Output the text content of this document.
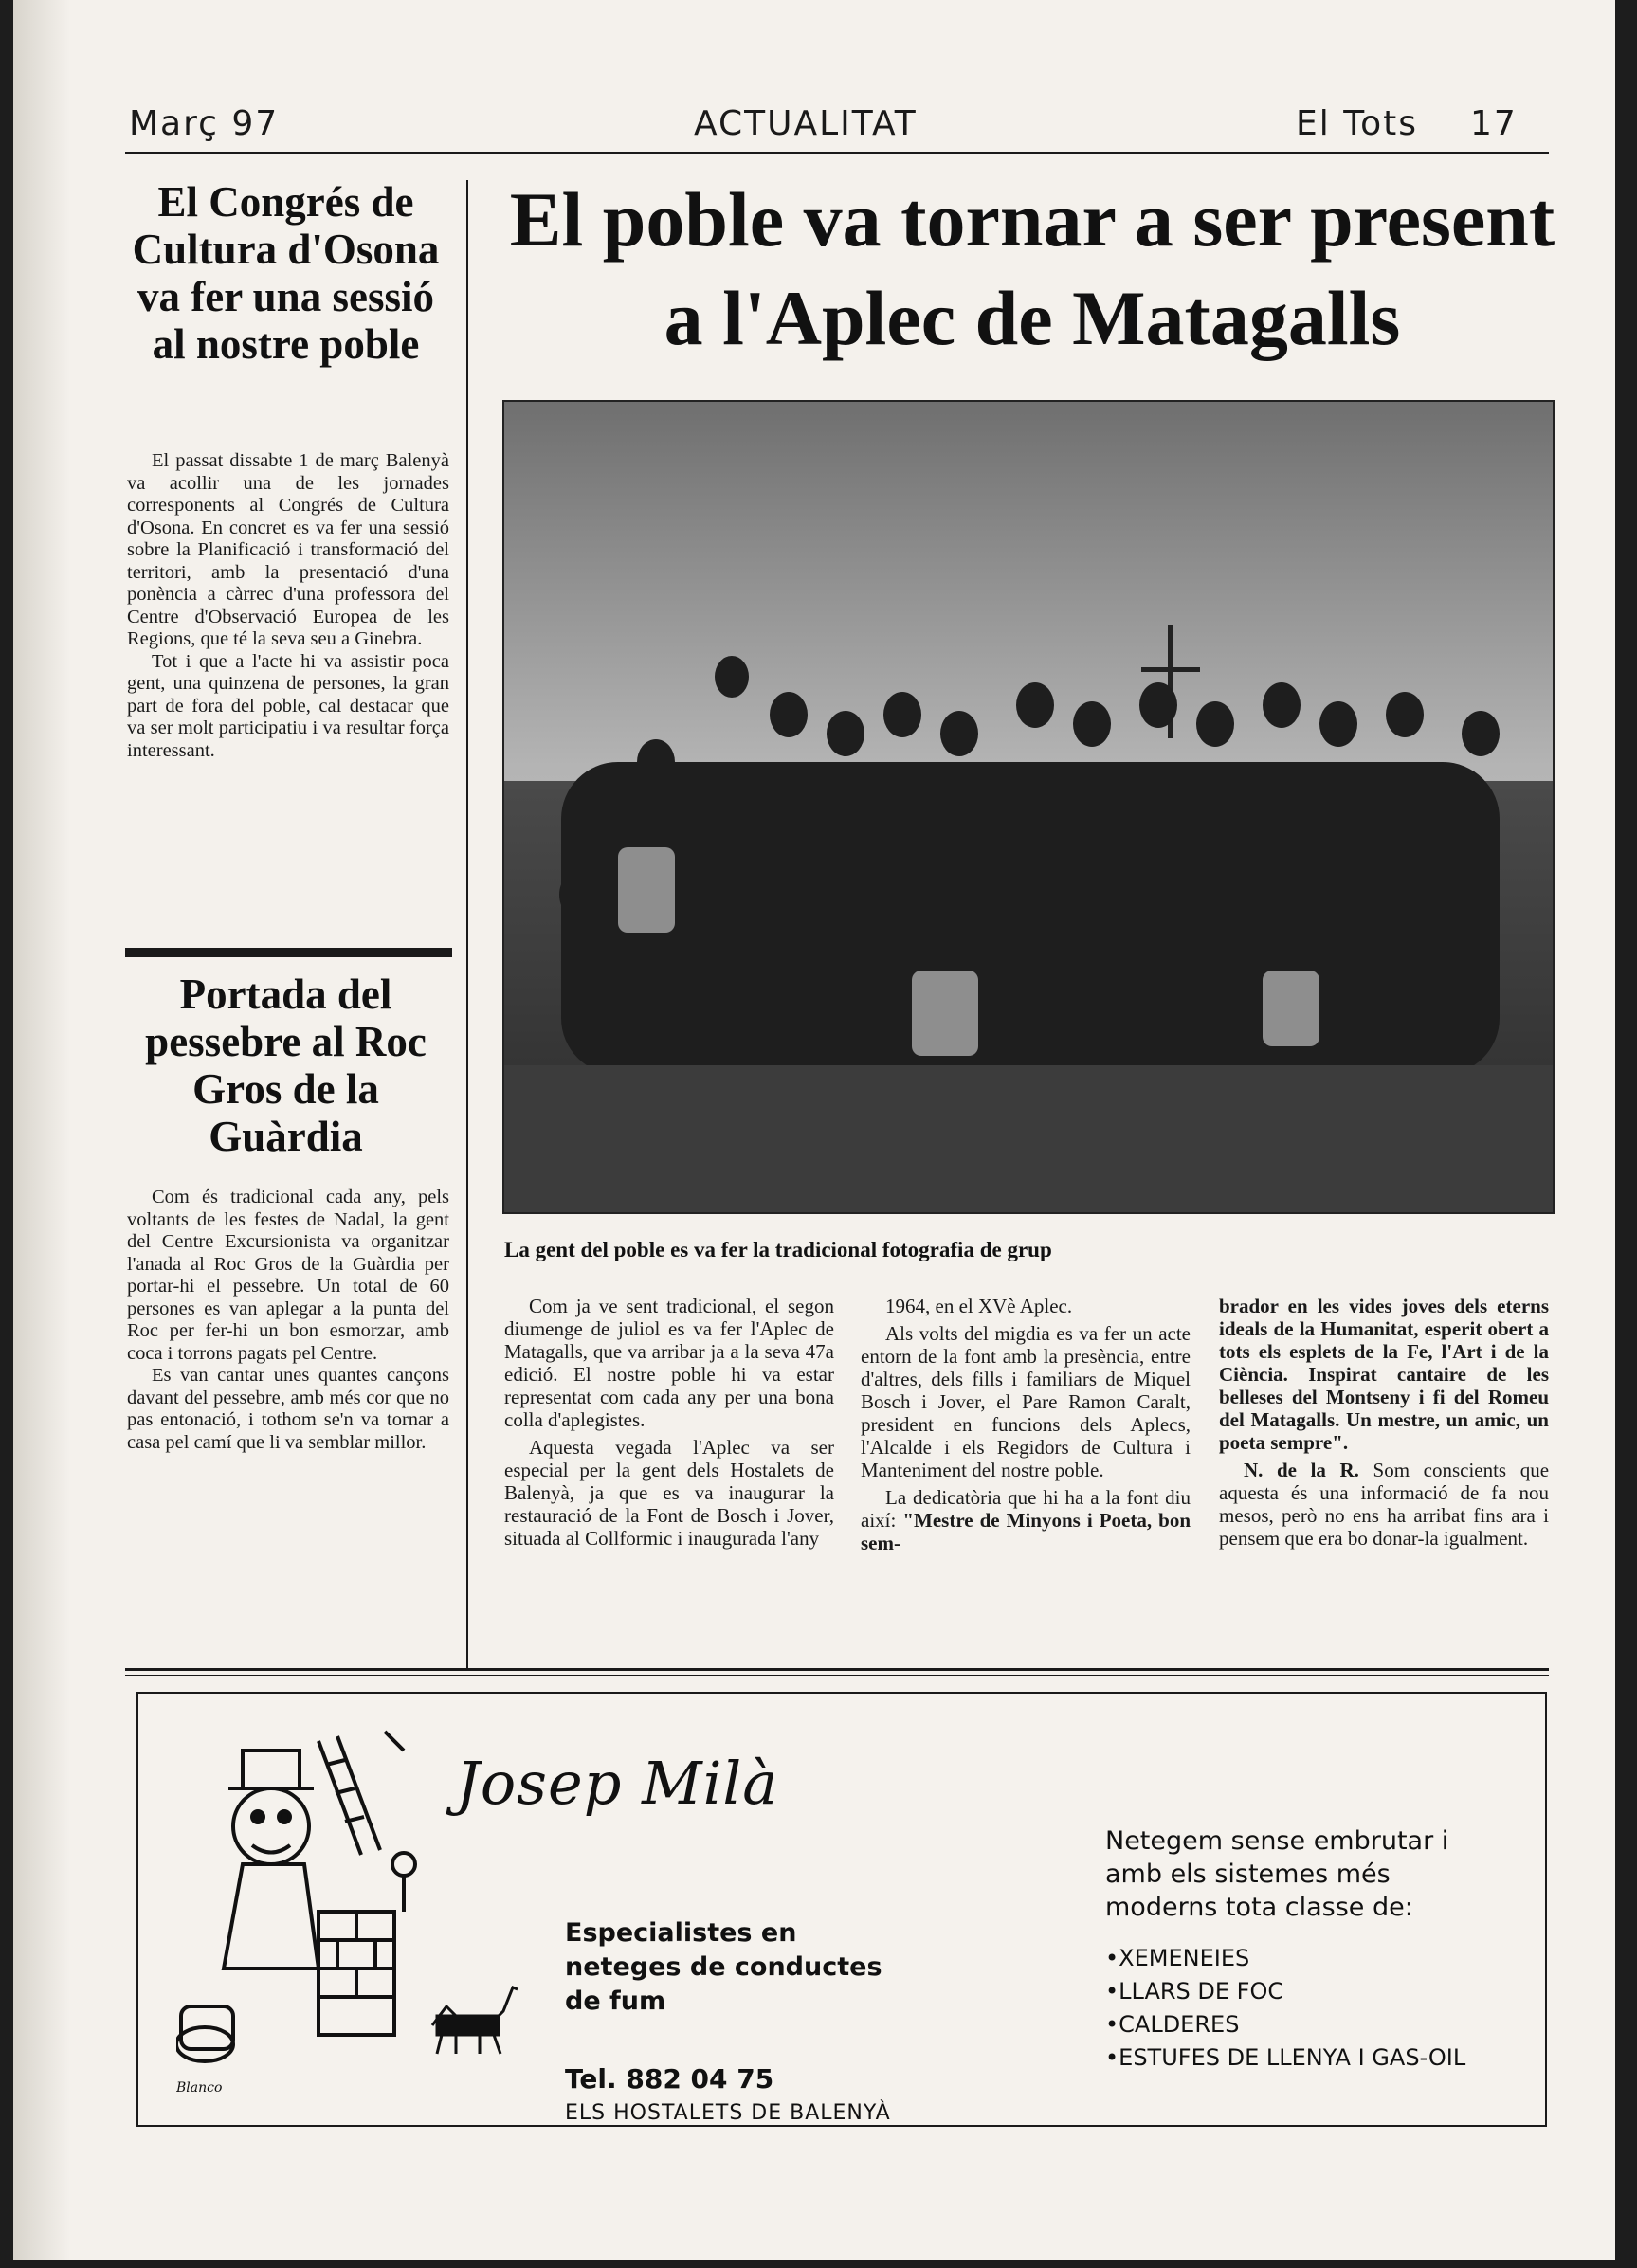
Març 97	ACTUALITAT	El Tots 17
El Congrés de Cultura d'Osona va fer una sessió al nostre poble

El passat dissabte 1 de març Balenyà va acollir una de les jornades corresponents al Congrés de Cultura d'Osona. En concret es va fer una sessió sobre la Planificació i transformació del territori, amb la presentació d'una ponència a càrrec d'una professora del Centre d'Observació Europea de les Regions, que té la seva seu a Ginebra.

Tot i que a l'acte hi va assistir poca gent, una quinzena de persones, la gran part de fora del poble, cal destacar que va ser molt participatiu i va resultar força interessant.

Portada del pessebre al Roc Gros de la Guàrdia

Com és tradicional cada any, pels voltants de les festes de Nadal, la gent del Centre Excursionista va organitzar l'anada al Roc Gros de la Guàrdia per portar-hi el pessebre. Un total de 60 persones es van aplegar a la punta del Roc per fer-hi un bon esmorzar, amb coca i torrons pagats pel Centre.

Es van cantar unes quantes cançons davant del pessebre, amb més cor que no pas entonació, i tothom se'n va tornar a casa pel camí que li va semblar millor.

El poble va tornar a ser present a l'Aplec de Matagalls
La gent del poble es va fer la tradicional fotografia de grup

Com ja ve sent tradicional, el segon diumenge de juliol es va fer l'Aplec de Matagalls, que va arribar ja a la seva 47a edició. El nostre poble hi va estar representat com cada any per una bona colla d'aplegistes.

Aquesta vegada l'Aplec va ser especial per la gent dels Hostalets de Balenyà, ja que es va inaugurar la restauració de la Font de Bosch i Jover, situada al Collformic i inaugurada l'any

1964, en el XVè Aplec.

Als volts del migdia es va fer un acte entorn de la font amb la presència, entre d'altres, dels fills i familiars de Miquel Bosch i Jover, el Pare Ramon Caralt, president en funcions dels Aplecs, l'Alcalde i els Regidors de Cultura i Manteniment del nostre poble.

La dedicatòria que hi ha a la font diu així: "Mestre de Minyons i Poeta, bon sem-

brador en les vides joves dels eterns ideals de la Humanitat, esperit obert a tots els esplets de la Fe, l'Art i de la Ciència. Inspirat cantaire de les belleses del Montseny i fi del Romeu del Matagalls. Un mestre, un amic, un poeta sempre".

N. de la R. Som conscients que aquesta és una informació de fa nou mesos, però no ens ha arribat fins ara i pensem que era bo donar-la igualment.

Blanco
Josep Milà
Especialistes en neteges de conductes de fum
Tel. 882 04 75
ELS HOSTALETS DE BALENYÀ
Netegem sense embrutar i amb els sistemes més moderns tota classe de:
• XEMENEIES
• LLARS DE FOC
• CALDERES
• ESTUFES DE LLENYA I GAS-OIL
